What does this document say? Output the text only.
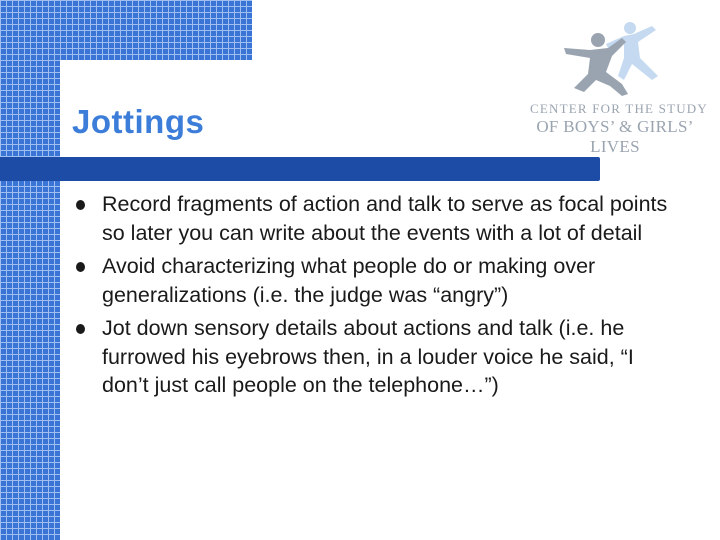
Jottings	CENTER FOR THE STUDY
OF BOYS’ & GIRLS’ LIVES
Record fragments of action and talk to serve as focal points so later you can write about the events with a lot of detail
Avoid characterizing what people do or making over generalizations (i.e. the judge was “angry”)
Jot down sensory details about actions and talk (i.e. he furrowed his eyebrows then, in a louder voice he said, “I don’t just call people on the telephone…”)
